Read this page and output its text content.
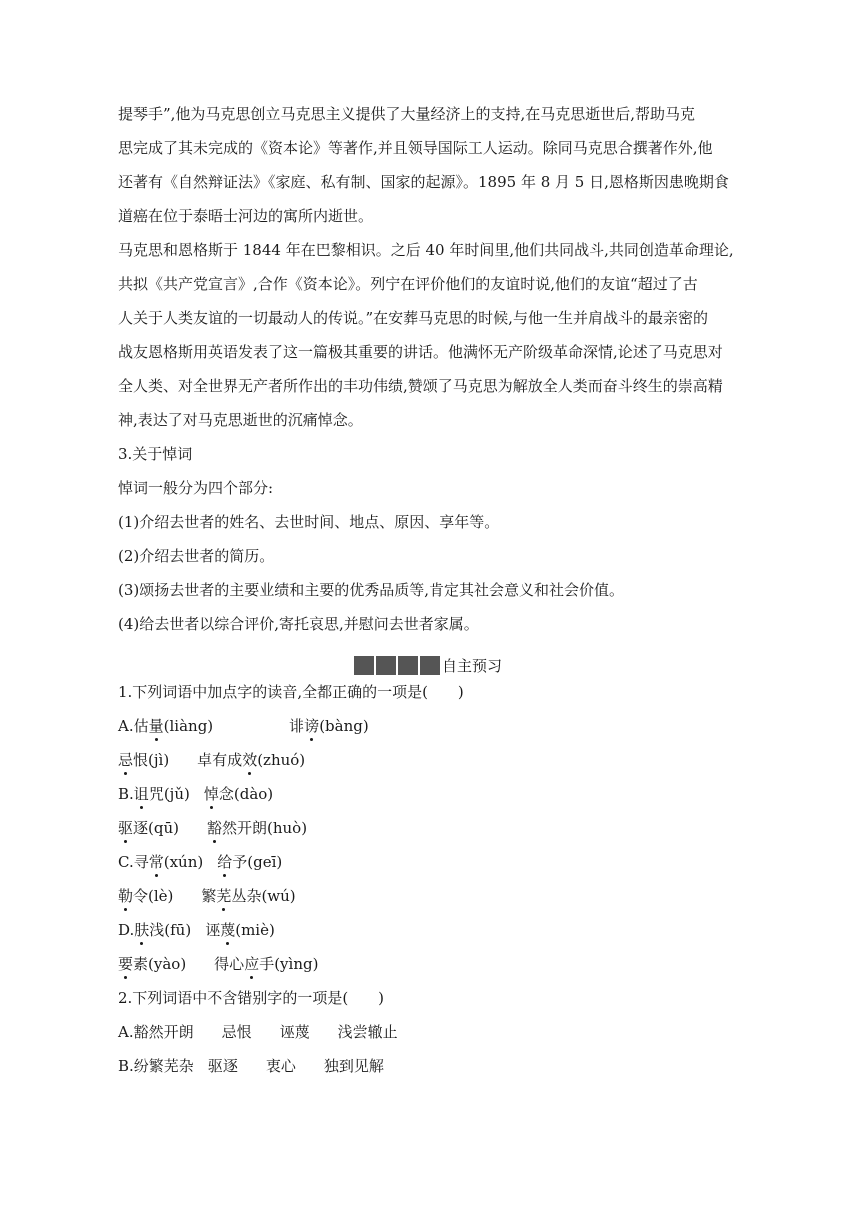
提琴手”,他为马克思创立马克思主义提供了大量经济上的支持,在马克思逝世后,帮助马克
思完成了其未完成的《资本论》等著作,并且领导国际工人运动。除同马克思合撰著作外,他
还著有《自然辩证法》《家庭、私有制、国家的起源》。1895 年 8 月 5 日,恩格斯因患晚期食
道癌在位于泰晤士河边的寓所内逝世。
马克思和恩格斯于 1844 年在巴黎相识。之后 40 年时间里,他们共同战斗,共同创造革命理论,
共拟《共产党宣言》,合作《资本论》。列宁在评价他们的友谊时说,他们的友谊“超过了古
人关于人类友谊的一切最动人的传说。”在安葬马克思的时候,与他一生并肩战斗的最亲密的
战友恩格斯用英语发表了这一篇极其重要的讲话。他满怀无产阶级革命深情,论述了马克思对
全人类、对全世界无产者所作出的丰功伟绩,赞颂了马克思为解放全人类而奋斗终生的崇高精
神,表达了对马克思逝世的沉痛悼念。
3.关于悼词
悼词一般分为四个部分:
(1)介绍去世者的姓名、去世时间、地点、原因、享年等。
(2)介绍去世者的简历。
(3)颂扬去世者的主要业绩和主要的优秀品质等,肯定其社会意义和社会价值。
(4)给去世者以综合评价,寄托哀思,并慰问去世者家属。
自主预习
1.下列词语中加点字的读音,全都正确的一项是(　　)
A.估量(liàng)	诽谤(bàng)
忌恨(jì) 卓有成效(zhuó)
B.诅咒(jǔ) 悼念(dào)
驱逐(qū) 豁然开朗(huò)
C.寻常(xún) 给予(geī)
勒令(lè) 繁芜丛杂(wú)
D.肤浅(fū) 诬蔑(miè)
要素(yào) 得心应手(yìng)
2.下列词语中不含错别字的一项是(　　)
A.豁然开朗 忌恨 诬蔑 浅尝辙止
B.纷繁芜杂 驱逐 衷心 独到见解
